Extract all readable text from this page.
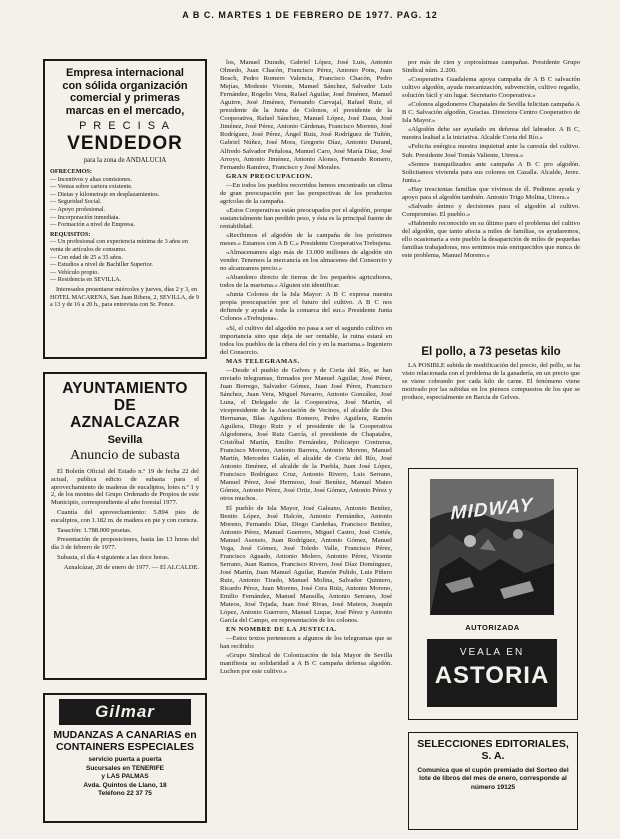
A B C. MARTES 1 DE FEBRERO DE 1977. PAG. 12
Empresa internacional
con sólida organización
comercial y primeras
marcas en el mercado,
P R E C I S A
VENDEDOR
para la zona de ANDALUCIA
OFRECEMOS:
— Incentivos y altas comisiones.
— Ventas sobre cartera existente.
— Dietas y kilometraje en desplazamientos.
— Seguridad Social.
— Apoyo profesional.
— Incorporación inmediata.
— Formación a nivel de Empresa.
REQUISITOS:
— Un profesional con experiencia mínima de 3 años en venta de artículos de consumo.
— Con edad de 25 a 35 años.
— Estudios a nivel de Bachiller Superior.
— Vehículo propio.
— Residencia en SEVILLA.
Interesados presentarse miércoles y jueves, días 2 y 3, en HOTEL MACARENA, San Juan Ribera, 2, SEVILLA, de 9 a 13 y de 16 a 20 h., para entrevista con Sr. Ponce.
AYUNTAMIENTO DE
AZNALCAZAR
Sevilla
Anuncio de subasta

El Boletín Oficial del Estado n.º 19 de fecha 22 del actual, publica edicto de subasta para el aprovechamiento de maderas de eucaliptos, lotes n.º 1 y 2, de los montes del Grupo Ordenado de Propios de este Municipio, correspondiente al año forestal 1977.

Cuantía del aprovechamiento: 5.894 pies de eucaliptos, con 1.182 m. de madera en pie y con corteza.

Tasación: 1.788.000 pesetas.

Presentación de proposiciones, hasta las 13 horas del día 3 de febrero de 1977.

Subasta, el día 4 siguiente a las doce horas.

Aznalcázar, 20 de enero de 1977. — El ALCALDE.

Gilmar
MUDANZAS A CANARIAS en
CONTAINERS ESPECIALES
servicio puerta a puerta
Sucursales en TENERIFE
y LAS PALMAS
Avda. Quintos de Llano, 18
Teléfono 22 37 75

los, Manuel Durado, Gabriel López, José Luis, Antonio Olmedo, Juan Chacón, Francisco Pérez, Antonio Pons, Juan Bosch, Pedro Romero Valencia, Francisco Chacón, Pedro Mejías, Modesto Vicente, Manuel Sánchez, Salvador Luis Fernández, Rogelio Vera, Rafael Aguilar, José Jiménez, Manuel Aguirre, José Jiménez, Fernando Carvajal, Rafael Ruiz, el presidente de la Junta de Colonos, el presidente de la Cooperativa, Rafael Sánchez, Manuel López, José Daza, José Jiménez, José Pérez, Antonio Cárdenas, Francisco Moreno, José Rodríguez, José Pérez, Ángel Ruiz, José Rodríguez de Tuñón, Gabriel Núñez, José Mora, Gregorio Díaz, Antonio Durand, Alfredo Salvador Peñalosa, Manuel Caro, José María Díaz, José Arroyo, Antonio Jiménez, Antonio Alonso, Fernando Romero, Fernando Ramírez, Francisco y José Morales.

GRAN PREOCUPACION.

—En todos los pueblos recorridos hemos encontrado un clima de gran preocupación por las perspectivas de los productos agrícolas de la campaña.

«Estos Cooperativas están preocupados por el algodón, porque sustancialmente han perdido peso, y ésta es la principal fuente de rentabilidad.

«Recibimos el algodón de la campaña de los próximos meses.» Estamos con A B C.» Presidente Cooperativa Trebujena.

«Almacenamos algo más de 13.000 millones de algodón sin vender. Tenemos la mercancía en los almacenes del Consorcio y no alcanzamos precio.»

«Abandono directo de tierras de los pequeños agricultores, todos de la marisma.» Alguien sin identificar.

«Junta Colonos de la Isla Mayor: A B C expresa nuestra propia preocupación por el futuro del cultivo. A B C nos defiende y ayuda a toda la comarca del sur.» Presidente Junta Colonos «Trebujena».

«Sí, el cultivo del algodón no pasa a ser el segundo cultivo en importancia sino que deja de ser rentable, la ruina estará en todos los pueblos de la ribera del río y en la marisma.» Ingeniero del Consorcio.

MAS TELEGRAMAS.

—Desde el pueblo de Gelves y de Coria del Río, se han enviado telegramas, firmados por Manuel Aguilar, José Pérez, Juan Borrego, Salvador Gómez, Juan José Pérez, Francisco Sánchez, Juan Vera, Miguel Navarro, Antonio González, José Luna, el Delegado de la Cooperativa, José Martín, el vicepresidente de la Asociación de Vecinos, el alcalde de Dos Hermanas, Blas Aguilera Romero, Pedro Aguilera, Ramón Aguilera, Diego Ruiz y el presidente de la Cooperativa Algodonera, José Ruiz García, el presidente de Chapatales, Cristóbal Martín, Emilio Fernández, Policarpo Contreras, Francisco Moreno, Antonio Barrera, Antonio Moreno, Manuel Martín, Mercedes Galán, el alcalde de Coria del Río, José Antonio Jiménez, el alcalde de la Puebla, Juan José López, Francisco Rodríguez Cruz, Antonio Rivero, Luis Serrano, Manuel Pérez, José Hermoso, José Benítez, Manuel Mateo Gómez, Antonio Pérez, José Ortiz, José Gómez, Antonio Pérez y otros muchos.

El pueblo de Isla Mayor, José Galeano, Antonio Benítez, Benito López, José Halcón, Antonio Fernández, Antonio Moreno, Fernando Díaz, Diego Cardeñas, Francisco Benítez, Antonio Pérez, Manuel Guerrero, Miguel Castro, José Cortés, Manuel Asensio, Juan Rodríguez, Antonio Gómez, Manuel Vega, José Gómez, José Toledo Valle, Francisco Pérez, Francisco Aguado, Antonio Molero, Antonio Pérez, Vicente Serrano, Juan Ramos, Francisco Rivero, José Díaz Domínguez, José Martín, Juan Manuel Aguilar, Ramón Pulido, Luis Piñero Ruiz, Antonio Tirado, Manuel Molina, Salvador Quintero, Ricardo Pérez, Juan Moreno, José Cera Ruiz, Antonio Moreno, Emilio Fernández, Manuel Mansilla, Antonio Serrano, José Mateos, José Tejada, Juan José Rivas, José Mateos, Joaquín López, Antonio Guerrero, Manuel Luque, José Pérez y Antonio García del Campo, en representación de los colonos.

EN NOMBRE DE LA JUSTICIA.

—Estos textos pertenecen a algunos de los telegramas que se han recibido:

«Grupo Sindical de Colonización de Isla Mayor de Sevilla manifiesta su solidaridad a A B C campaña defensa algodón. Luchen por este cultivo.»

por más de cien y copiosísimas campañas. Presidente Grupo Sindical núm. 2.200.

«Cooperativa Guadalema apoya campaña de A B C salvación cultivo algodón, ayuda mecanización, subvención, cultivo regadío, solución fácil y sin lugar. Secretario Cooperativa.»

«Colonos algodoneros Chapatales de Sevilla felicitan campaña A B C. Salvación algodón, Gracias. Directora Centro Cooperativo de Isla Mayor.»

«Algodón debe ser ayudado en defensa del labrador. A B C, nuestra lealtad a la iniciativa. Alcalde Coria del Río.»

«Felicita enérgica nuestra inquietud ante la carestía del cultivo. Sub. Presidente José Tomás Valiente, Utrera.»

«Somos tranquilizados ante campaña A B C pro algodón. Solicitamos vivienda para sus colonos en Cazalla. Alcalde, Jerez. Junta.»

«Hay trescientas familias que vivimos de él. Pedimos ayuda y apoyo para el algodón también. Antonio Trigo Molina, Utrera.»

«Salvado ánimo y decisiones para el algodón al cultivo. Compromiso. El pueblo.»

«Habiendo reconocido en su último paro el problema del cultivo del algodón, que tanto afecta a miles de familias, os ayudaremos, ello ocasionaría a este pueblo la desaparición de miles de pequeñas familias trabajadoras, nos sentimos más enriquecidos que nunca de este problema, Manuel Moreno.»

El pollo, a 73 pesetas kilo

LA POSIBLE subida de modificación del precio, del pollo, se ha visto relacionada con el problema de la ganadería, en un precio que se viene cobrando por cada kilo de carne. El fenómeno viene motivado por las subidas en los piensos compuestos de los que se produce, especialmente en Barcia de Gelves.

MIDWAY
AUTORIZADA
VEALA EN
ASTORIA
SELECCIONES EDITORIALES,
S. A.
Comunica que el cupón premiado del Sorteo del lote de libros del mes de enero, corresponde al número 19125
